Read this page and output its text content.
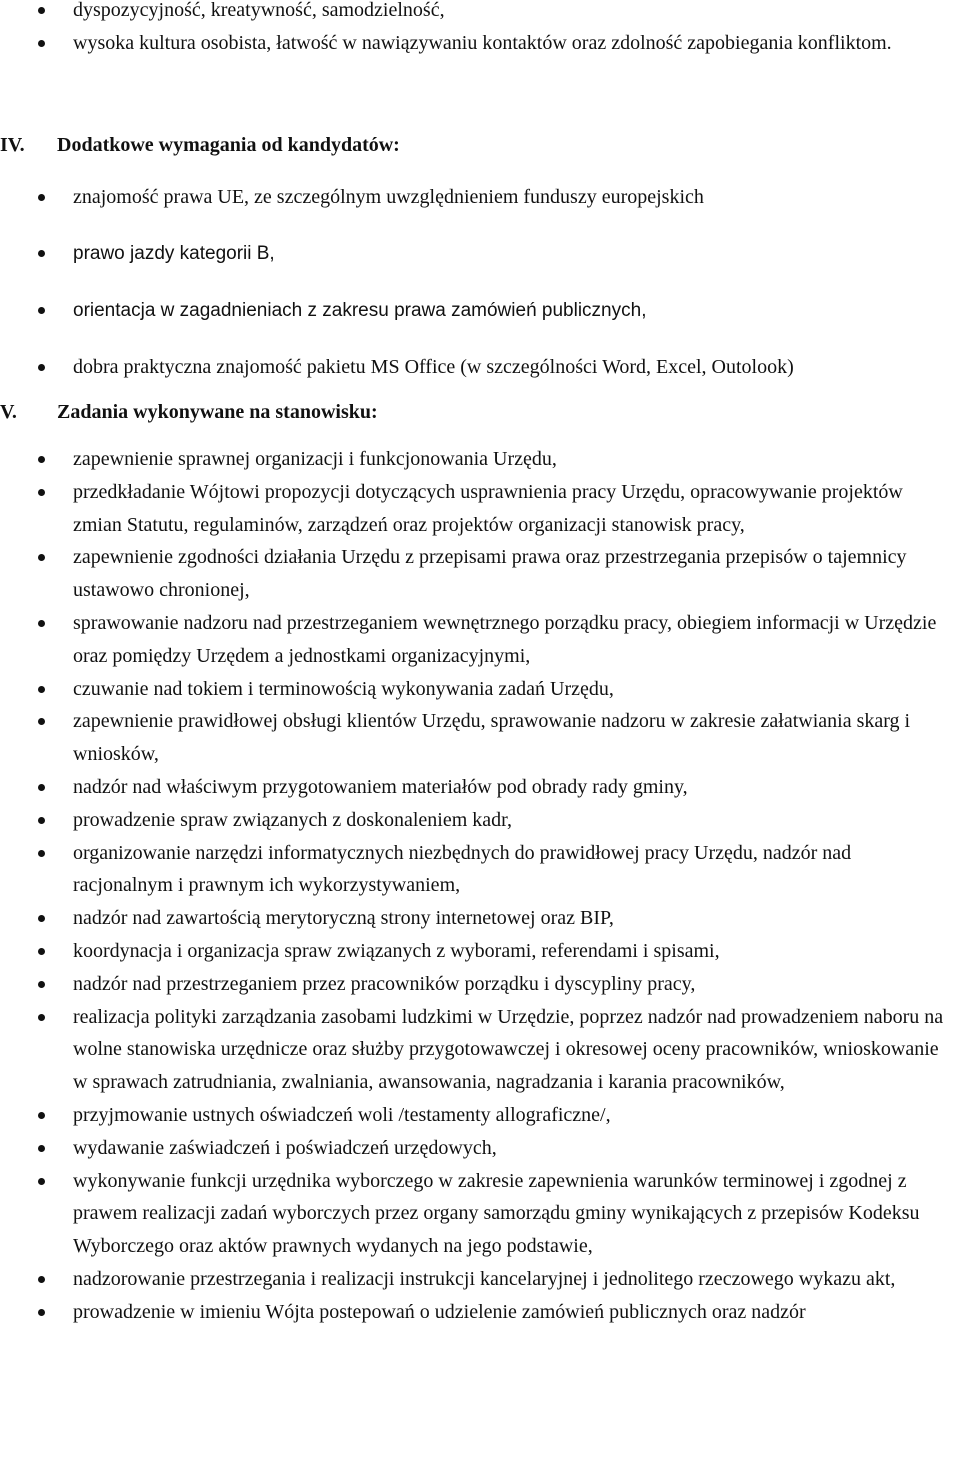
dyspozycyjność, kreatywność, samodzielność,
wysoka kultura osobista, łatwość w nawiązywaniu kontaktów oraz zdolność zapobiegania konfliktom.
IV. Dodatkowe wymagania od kandydatów:
znajomość prawa UE, ze szczególnym uwzględnieniem funduszy europejskich
prawo jazdy kategorii B,
orientacja w zagadnieniach z zakresu prawa zamówień publicznych,
dobra praktyczna znajomość pakietu MS Office (w szczególności Word, Excel, Outolook)
V. Zadania wykonywane na stanowisku:
zapewnienie sprawnej organizacji i funkcjonowania Urzędu,
przedkładanie Wójtowi propozycji dotyczących usprawnienia pracy Urzędu, opracowywanie projektów zmian Statutu, regulaminów, zarządzeń oraz projektów organizacji stanowisk pracy,
zapewnienie zgodności działania Urzędu z przepisami prawa oraz przestrzegania przepisów o tajemnicy ustawowo chronionej,
sprawowanie nadzoru nad przestrzeganiem wewnętrznego porządku pracy, obiegiem informacji w Urzędzie oraz pomiędzy Urzędem a jednostkami organizacyjnymi,
czuwanie nad tokiem i terminowością wykonywania zadań Urzędu,
zapewnienie prawidłowej obsługi klientów Urzędu, sprawowanie nadzoru w zakresie załatwiania skarg i wniosków,
nadzór nad właściwym przygotowaniem materiałów pod obrady rady gminy,
prowadzenie spraw związanych z doskonaleniem kadr,
organizowanie narzędzi informatycznych niezbędnych do prawidłowej pracy Urzędu, nadzór nad racjonalnym i prawnym ich wykorzystywaniem,
nadzór nad zawartością merytoryczną strony internetowej oraz BIP,
koordynacja i organizacja spraw związanych z wyborami, referendami i spisami,
nadzór nad przestrzeganiem przez pracowników porządku i dyscypliny pracy,
realizacja polityki zarządzania zasobami ludzkimi w Urzędzie, poprzez nadzór nad prowadzeniem naboru na wolne stanowiska urzędnicze oraz służby przygotowawczej i okresowej oceny pracowników, wnioskowanie w sprawach zatrudniania, zwalniania, awansowania, nagradzania i karania pracowników,
przyjmowanie ustnych oświadczeń woli /testamenty allograficzne/,
wydawanie zaświadczeń i poświadczeń urzędowych,
wykonywanie funkcji urzędnika wyborczego w zakresie zapewnienia warunków terminowej i zgodnej z prawem realizacji zadań wyborczych przez organy samorządu gminy wynikających z przepisów Kodeksu Wyborczego oraz aktów prawnych wydanych na jego podstawie,
nadzorowanie przestrzegania i realizacji instrukcji kancelaryjnej i jednolitego rzeczowego wykazu akt,
prowadzenie w imieniu Wójta postepowań o udzielenie zamówień publicznych oraz nadzór
